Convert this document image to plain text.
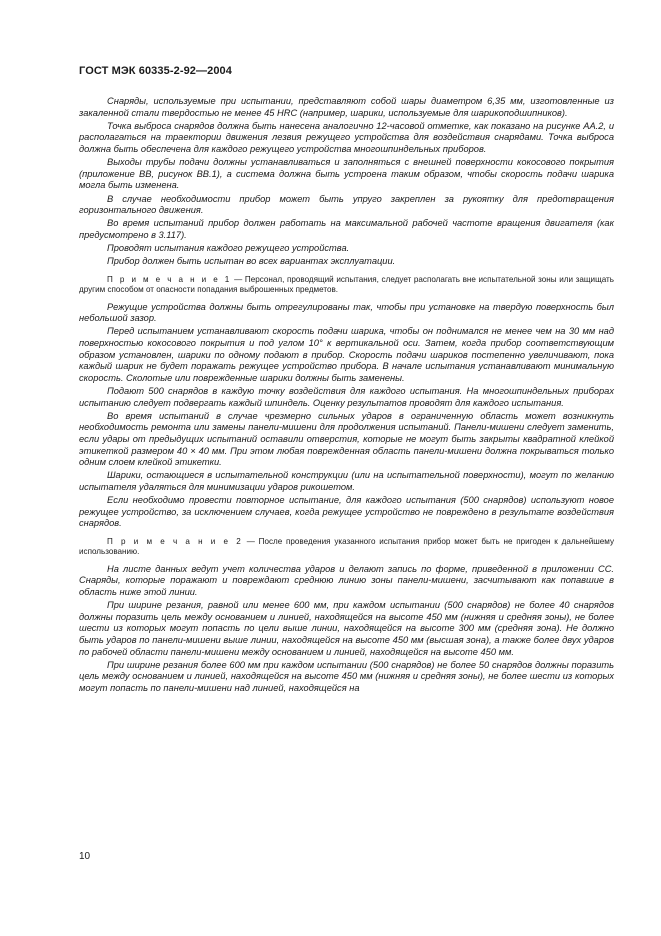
ГОСТ МЭК 60335-2-92—2004

Снаряды, используемые при испытании, представляют собой шары диаметром 6,35 мм, изготовленные из закаленной стали твердостью не менее 45 HRC (например, шарики, используемые для шарикоподшипников).

Точка выброса снарядов должна быть нанесена аналогично 12-часовой отметке, как показано на рисунке АА.2, и располагаться на траектории движения лезвия режущего устройства для воздействия снарядами. Точка выброса должна быть обеспечена для каждого режущего устройства многошпиндельных приборов.

Выходы трубы подачи должны устанавливаться и заполняться с внешней поверхности кокосового покрытия (приложение ВВ, рисунок ВВ.1), а система должна быть устроена таким образом, чтобы скорость подачи шарика могла быть изменена.

В случае необходимости прибор может быть упруго закреплен за рукоятку для предотвращения горизонтального движения.

Во время испытаний прибор должен работать на максимальной рабочей частоте вращения двигателя (как предусмотрено в 3.117).

Проводят испытания каждого режущего устройства.

Прибор должен быть испытан во всех вариантах эксплуатации.

П р и м е ч а н и е 1 — Персонал, проводящий испытания, следует располагать вне испытательной зоны или защищать другим способом от опасности попадания выброшенных предметов.

Режущие устройства должны быть отрегулированы так, чтобы при установке на твердую поверхность был небольшой зазор.

Перед испытанием устанавливают скорость подачи шарика, чтобы он поднимался не менее чем на 30 мм над поверхностью кокосового покрытия и под углом 10° к вертикальной оси. Затем, когда прибор соответствующим образом установлен, шарики по одному подают в прибор. Скорость подачи шариков постепенно увеличивают, пока каждый шарик не будет поражать режущее устройство прибора. В начале испытания устанавливают минимальную скорость. Сколотые или поврежденные шарики должны быть заменены.

Подают 500 снарядов в каждую точку воздействия для каждого испытания. На многошпиндельных приборах испытанию следует подвергать каждый шпиндель. Оценку результатов проводят для каждого испытания.

Во время испытаний в случае чрезмерно сильных ударов в ограниченную область может возникнуть необходимость ремонта или замены панели-мишени для продолжения испытаний. Панели-мишени следует заменить, если удары от предыдущих испытаний оставили отверстия, которые не могут быть закрыты квадратной клейкой этикеткой размером 40 × 40 мм. При этом любая поврежденная область панели-мишени должна покрываться только одним слоем клейкой этикетки.

Шарики, остающиеся в испытательной конструкции (или на испытательной поверхности), могут по желанию испытателя удаляться для минимизации ударов рикошетом.

Если необходимо провести повторное испытание, для каждого испытания (500 снарядов) используют новое режущее устройство, за исключением случаев, когда режущее устройство не повреждено в результате воздействия снарядов.

П р и м е ч а н и е 2 — После проведения указанного испытания прибор может быть не пригоден к дальнейшему использованию.

На листе данных ведут учет количества ударов и делают запись по форме, приведенной в приложении СС. Снаряды, которые поражают и повреждают среднюю линию зоны панели-мишени, засчитывают как попавшие в область ниже этой линии.

При ширине резания, равной или менее 600 мм, при каждом испытании (500 снарядов) не более 40 снарядов должны поразить цель между основанием и линией, находящейся на высоте 450 мм (нижняя и средняя зоны), не более шести из которых могут попасть по цели выше линии, находящейся на высоте 300 мм (средняя зона). Не должно быть ударов по панели-мишени выше линии, находящейся на высоте 450 мм (высшая зона), а также более двух ударов по рабочей области панели-мишени между основанием и линией, находящейся на высоте 450 мм.

При ширине резания более 600 мм при каждом испытании (500 снарядов) не более 50 снарядов должны поразить цель между основанием и линией, находящейся на высоте 450 мм (нижняя и средняя зоны), не более шести из которых могут попасть по панели-мишени над линией, находящейся на

10
